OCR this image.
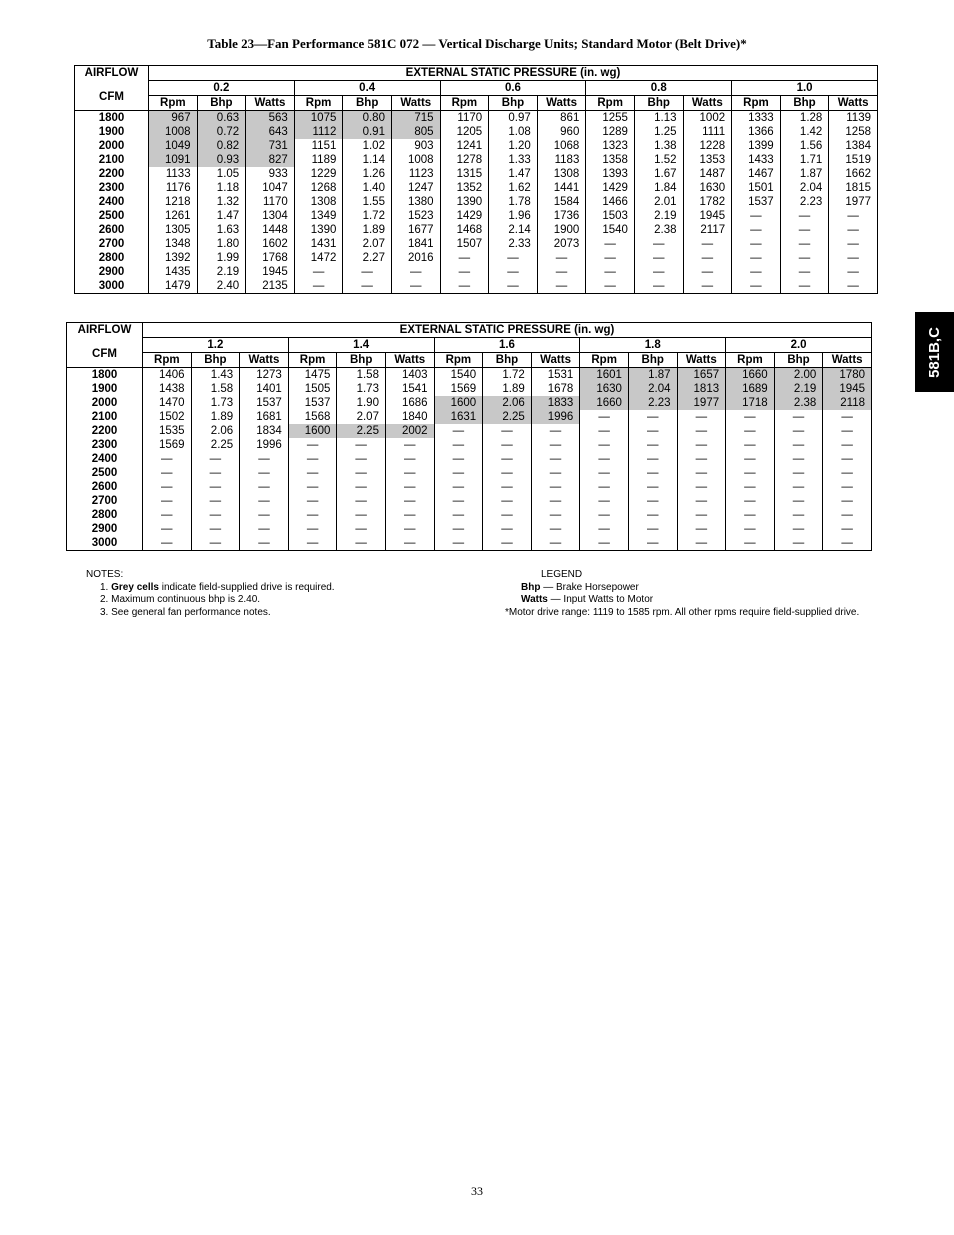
Table 23—Fan Performance 581C 072 — Vertical Discharge Units; Standard Motor (Belt Drive)*
AIRFLOW
CFM	EXTERNAL STATIC PRESSURE (in. wg)														
	0.2			0.4			0.6			0.8			1.0		
	Rpm	Bhp	Watts	Rpm	Bhp	Watts	Rpm	Bhp	Watts	Rpm	Bhp	Watts	Rpm	Bhp	Watts
1800	967	0.63	563	1075	0.80	715	1170	0.97	861	1255	1.13	1002	1333	1.28	1139
1900	1008	0.72	643	1112	0.91	805	1205	1.08	960	1289	1.25	1111	1366	1.42	1258
2000	1049	0.82	731	1151	1.02	903	1241	1.20	1068	1323	1.38	1228	1399	1.56	1384
2100	1091	0.93	827	1189	1.14	1008	1278	1.33	1183	1358	1.52	1353	1433	1.71	1519
2200	1133	1.05	933	1229	1.26	1123	1315	1.47	1308	1393	1.67	1487	1467	1.87	1662
2300	1176	1.18	1047	1268	1.40	1247	1352	1.62	1441	1429	1.84	1630	1501	2.04	1815
2400	1218	1.32	1170	1308	1.55	1380	1390	1.78	1584	1466	2.01	1782	1537	2.23	1977
2500	1261	1.47	1304	1349	1.72	1523	1429	1.96	1736	1503	2.19	1945	—	—	—
2600	1305	1.63	1448	1390	1.89	1677	1468	2.14	1900	1540	2.38	2117	—	—	—
2700	1348	1.80	1602	1431	2.07	1841	1507	2.33	2073	—	—	—	—	—	—
2800	1392	1.99	1768	1472	2.27	2016	—	—	—	—	—	—	—	—	—
2900	1435	2.19	1945	—	—	—	—	—	—	—	—	—	—	—	—
3000	1479	2.40	2135	—	—	—	—	—	—	—	—	—	—	—	—
AIRFLOW
CFM	EXTERNAL STATIC PRESSURE (in. wg)														
	1.2			1.4			1.6			1.8			2.0		
	Rpm	Bhp	Watts	Rpm	Bhp	Watts	Rpm	Bhp	Watts	Rpm	Bhp	Watts	Rpm	Bhp	Watts
1800	1406	1.43	1273	1475	1.58	1403	1540	1.72	1531	1601	1.87	1657	1660	2.00	1780
1900	1438	1.58	1401	1505	1.73	1541	1569	1.89	1678	1630	2.04	1813	1689	2.19	1945
2000	1470	1.73	1537	1537	1.90	1686	1600	2.06	1833	1660	2.23	1977	1718	2.38	2118
2100	1502	1.89	1681	1568	2.07	1840	1631	2.25	1996	—	—	—	—	—	—
2200	1535	2.06	1834	1600	2.25	2002	—	—	—	—	—	—	—	—	—
2300	1569	2.25	1996	—	—	—	—	—	—	—	—	—	—	—	—
2400	—	—	—	—	—	—	—	—	—	—	—	—	—	—	—
2500	—	—	—	—	—	—	—	—	—	—	—	—	—	—	—
2600	—	—	—	—	—	—	—	—	—	—	—	—	—	—	—
2700	—	—	—	—	—	—	—	—	—	—	—	—	—	—	—
2800	—	—	—	—	—	—	—	—	—	—	—	—	—	—	—
2900	—	—	—	—	—	—	—	—	—	—	—	—	—	—	—
3000	—	—	—	—	—	—	—	—	—	—	—	—	—	—	—
NOTES:
1. Grey cells indicate field-supplied drive is required.
2. Maximum continuous bhp is 2.40.
3. See general fan performance notes.
LEGEND
Bhp — Brake Horsepower
Watts — Input Watts to Motor
*Motor drive range: 1119 to 1585 rpm. All other rpms require field-supplied drive.
581B,C
33
